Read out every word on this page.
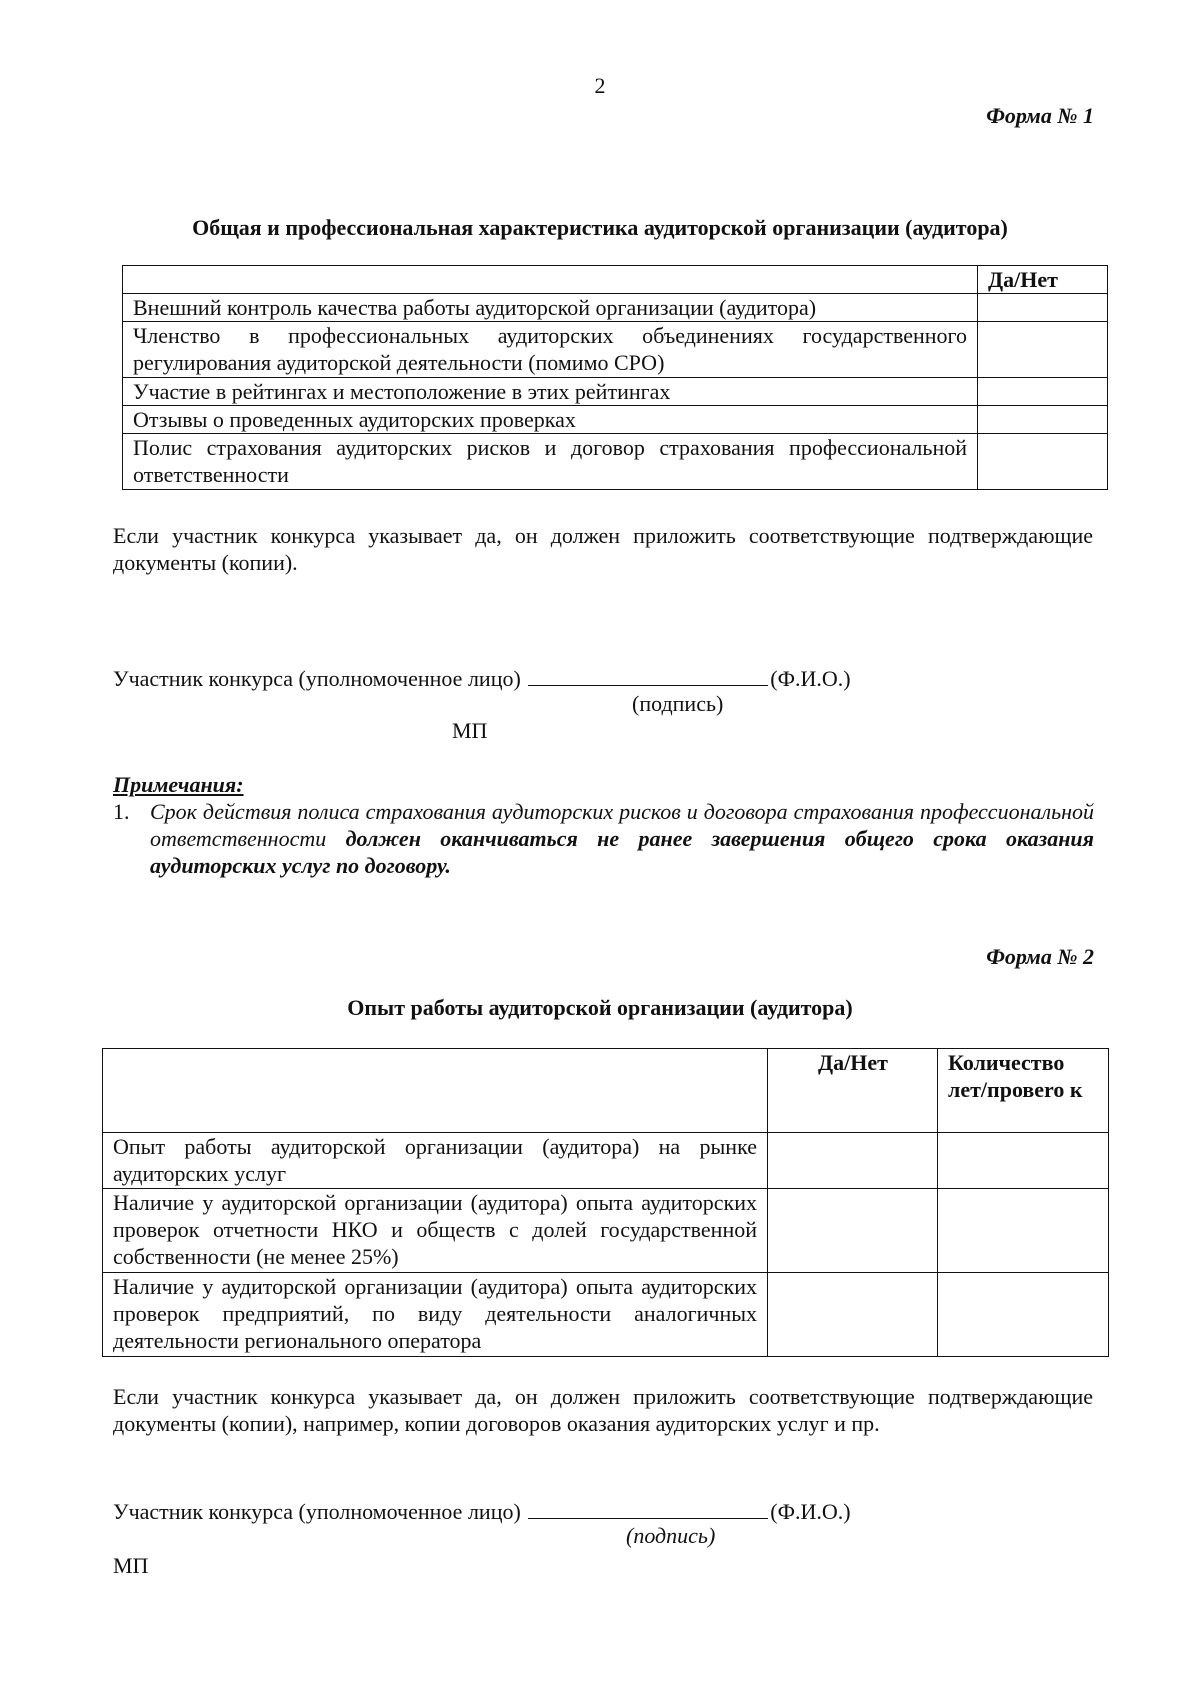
2
Форма № 1
Общая и профессиональная характеристика аудиторской организации (аудитора)
	Да/Нет
Внешний контроль качества работы аудиторской организации (аудитора)	
Членство в профессиональных аудиторских объединениях государственного регулирования аудиторской деятельности (помимо СРО)	
Участие в рейтингах и местоположение в этих рейтингах	
Отзывы о проведенных аудиторских проверках	
Полис страхования аудиторских рисков и договор страхования профессиональной ответственности	
Если участник конкурса указывает да, он должен приложить соответствующие подтверждающие документы (копии).
Участник конкурса (уполномоченное лицо)	(Ф.И.О.)
(подпись)
МП
Примечания:
1. Срок действия полиса страхования аудиторских рисков и договора страхования профессиональной ответственности должен оканчиваться не ранее завершения общего срока оказания аудиторских услуг по договору.
Форма № 2
Опыт работы аудиторской организации (аудитора)
	Да/Нет	Количество лет/провero к
Опыт работы аудиторской организации (аудитора) на рынке аудиторских услуг		
Наличие у аудиторской организации (аудитора) опыта аудиторских проверок отчетности НКО и обществ с долей государственной собственности (не менее 25%)		
Наличие у аудиторской организации (аудитора) опыта аудиторских проверок предприятий, по виду деятельности аналогичных деятельности регионального оператора		
Если участник конкурса указывает да, он должен приложить соответствующие подтверждающие документы (копии), например, копии договоров оказания аудиторских услуг и пр.
Участник конкурса (уполномоченное лицо)	(Ф.И.О.)
(подпись)
МП
